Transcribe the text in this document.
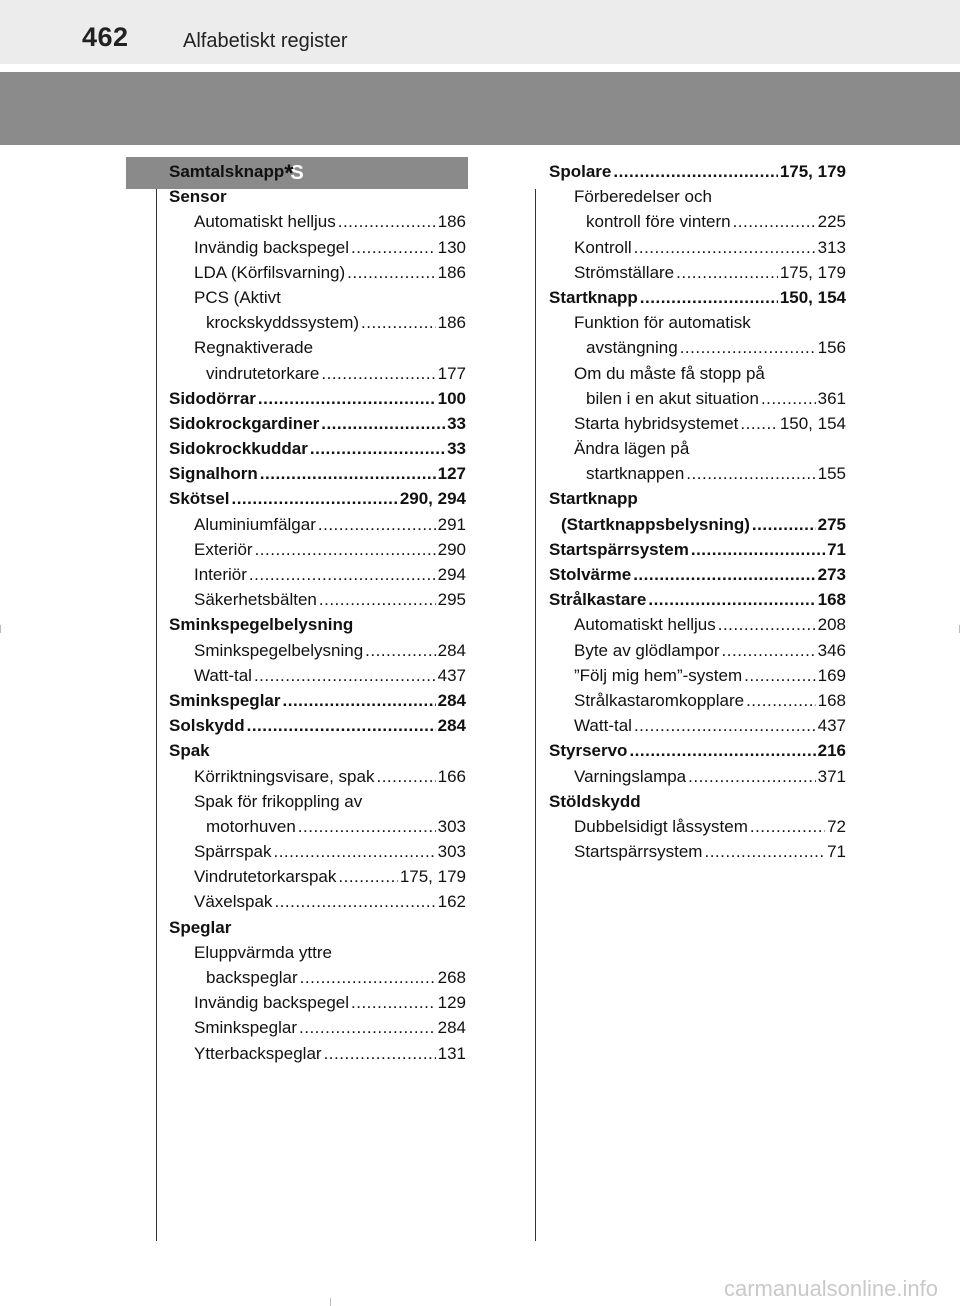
462	Alfabetiskt register
S
Samtalsknapp*
Sensor
Automatiskt helljus .....	186
Invändig backspegel .....	130
LDA (Körfilsvarning) .....	186
PCS (Aktivt
krockskyddssystem) .....	186
Regnaktiverade
vindrutetorkare .....	177
Sidodörrar .....	100
Sidokrockgardiner .....	33
Sidokrockkuddar .....	33
Signalhorn .....	127
Skötsel .....	290, 294
Aluminiumfälgar .....	291
Exteriör .....	290
Interiör .....	294
Säkerhetsbälten .....	295
Sminkspegelbelysning
Sminkspegelbelysning .....	284
Watt-tal .....	437
Sminkspeglar .....	284
Solskydd .....	284
Spak
Körriktningsvisare, spak .....	166
Spak för frikoppling av
motorhuven .....	303
Spärrspak .....	303
Vindrutetorkarspak .....	175, 179
Växelspak .....	162
Speglar
Eluppvärmda yttre
backspeglar .....	268
Invändig backspegel .....	129
Sminkspeglar .....	284
Ytterbackspeglar .....	131
Spolare .....	175, 179
Förberedelser och
kontroll före vintern .....	225
Kontroll .....	313
Strömställare .....	175, 179
Startknapp .....	150, 154
Funktion för automatisk
avstängning .....	156
Om du måste få stopp på
bilen i en akut situation .....	361
Starta hybridsystemet ..... 150, 154
Ändra lägen på
startknappen .....	155
Startknapp
(Startknappsbelysning) .....	275
Startspärrsystem .....	71
Stolvärme .....	273
Strålkastare .....	168
Automatiskt helljus .....	208
Byte av glödlampor .....	346
”Följ mig hem”-system .....	169
Strålkastaromkopplare .....	168
Watt-tal .....	437
Styrservo .....	216
Varningslampa .....	371
Stöldskydd
Dubbelsidigt låssystem .....	72
Startspärrsystem .....	71
carmanualsonline.info
